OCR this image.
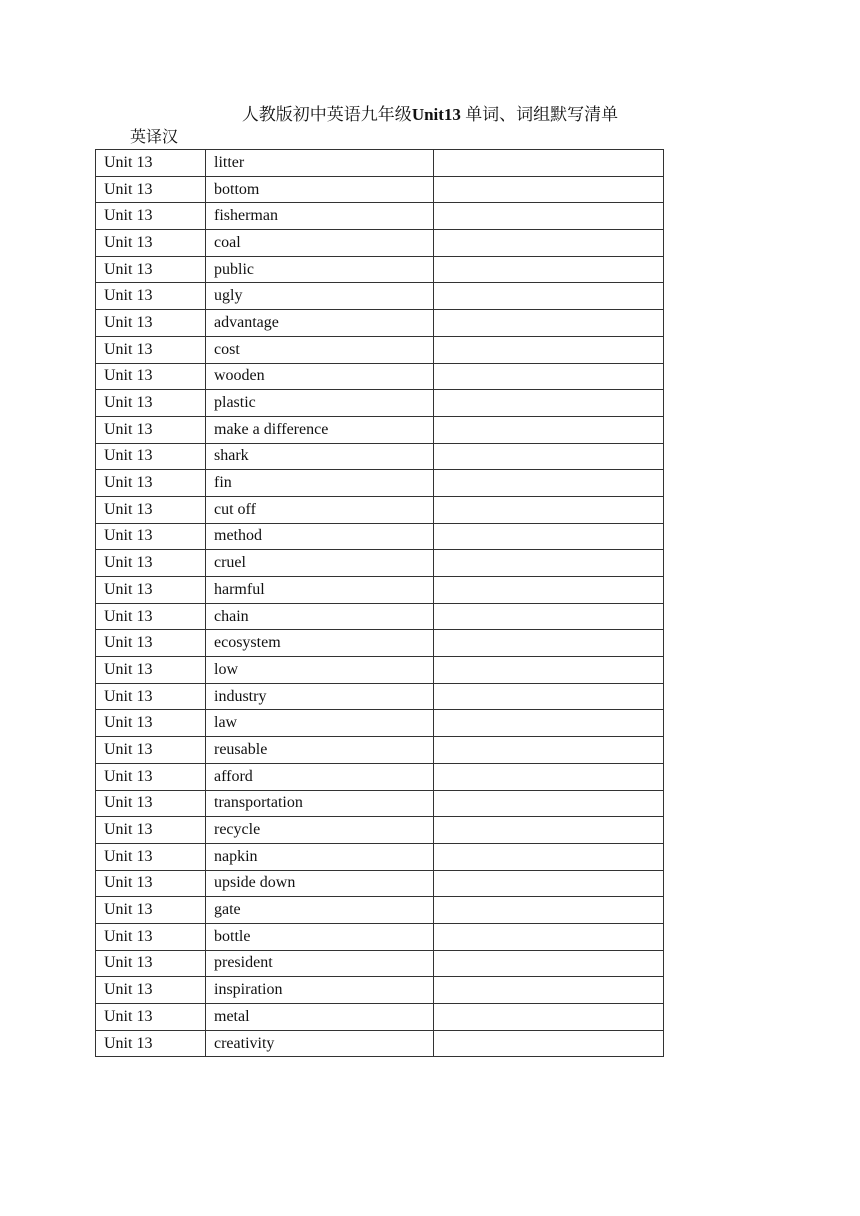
人教版初中英语九年级Unit13 单词、词组默写清单
英译汉
Unit 13	litter	
Unit 13	bottom	
Unit 13	fisherman	
Unit 13	coal	
Unit 13	public	
Unit 13	ugly	
Unit 13	advantage	
Unit 13	cost	
Unit 13	wooden	
Unit 13	plastic	
Unit 13	make a difference	
Unit 13	shark	
Unit 13	fin	
Unit 13	cut off	
Unit 13	method	
Unit 13	cruel	
Unit 13	harmful	
Unit 13	chain	
Unit 13	ecosystem	
Unit 13	low	
Unit 13	industry	
Unit 13	law	
Unit 13	reusable	
Unit 13	afford	
Unit 13	transportation	
Unit 13	recycle	
Unit 13	napkin	
Unit 13	upside down	
Unit 13	gate	
Unit 13	bottle	
Unit 13	president	
Unit 13	inspiration	
Unit 13	metal	
Unit 13	creativity	
